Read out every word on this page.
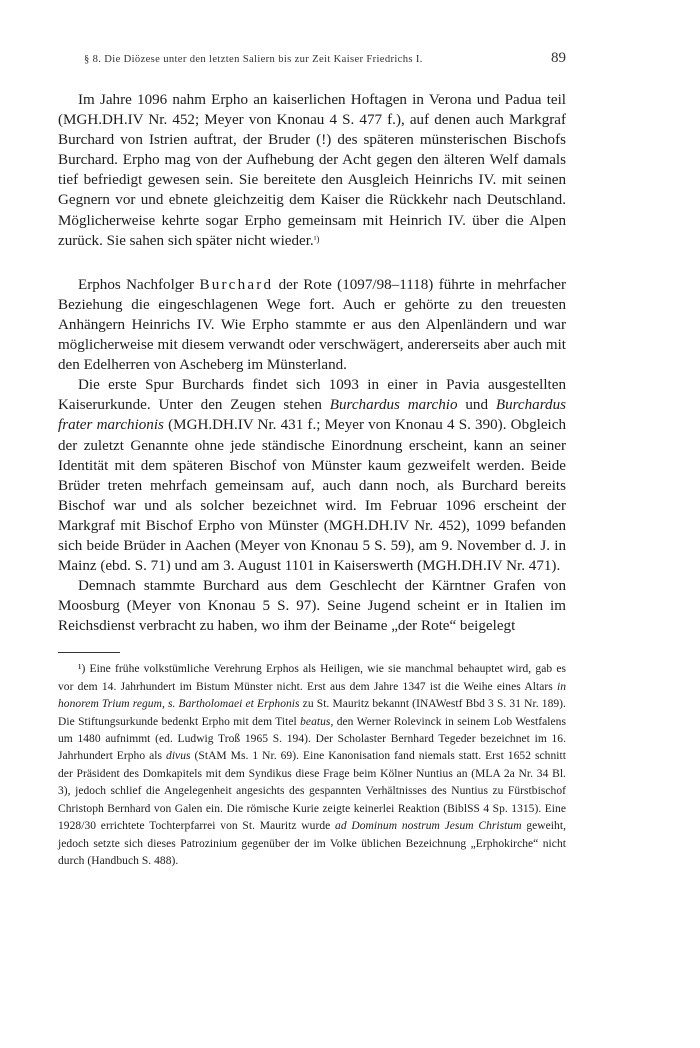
§ 8. Die Diözese unter den letzten Saliern bis zur Zeit Kaiser Friedrichs I.	89

Im Jahre 1096 nahm Erpho an kaiserlichen Hoftagen in Verona und Padua teil (MGH.DH.IV Nr. 452; Meyer von Knonau 4 S. 477 f.), auf denen auch Markgraf Burchard von Istrien auftrat, der Bruder (!) des späteren münsterischen Bischofs Burchard. Erpho mag von der Aufhebung der Acht gegen den älteren Welf damals tief befriedigt gewesen sein. Sie bereitete den Ausgleich Heinrichs IV. mit seinen Gegnern vor und ebnete gleichzeitig dem Kaiser die Rückkehr nach Deutschland. Möglicherweise kehrte sogar Erpho gemeinsam mit Heinrich IV. über die Alpen zurück. Sie sahen sich später nicht wieder.$^{^1)}$

Erphos Nachfolger Burchard der Rote (1097/98–1118) führte in mehrfacher Beziehung die eingeschlagenen Wege fort. Auch er gehörte zu den treuesten Anhängern Heinrichs IV. Wie Erpho stammte er aus den Alpenländern und war möglicherweise mit diesem verwandt oder verschwägert, andererseits aber auch mit den Edelherren von Ascheberg im Münsterland.

Die erste Spur Burchards findet sich 1093 in einer in Pavia ausgestellten Kaiserurkunde. Unter den Zeugen stehen Burchardus marchio und Burchardus frater marchionis (MGH.DH.IV Nr. 431 f.; Meyer von Knonau 4 S. 390). Obgleich der zuletzt Genannte ohne jede ständische Einordnung erscheint, kann an seiner Identität mit dem späteren Bischof von Münster kaum gezweifelt werden. Beide Brüder treten mehrfach gemeinsam auf, auch dann noch, als Burchard bereits Bischof war und als solcher bezeichnet wird. Im Februar 1096 erscheint der Markgraf mit Bischof Erpho von Münster (MGH.DH.IV Nr. 452), 1099 befanden sich beide Brüder in Aachen (Meyer von Knonau 5 S. 59), am 9. November d. J. in Mainz (ebd. S. 71) und am 3. August 1101 in Kaiserswerth (MGH.DH.IV Nr. 471).

Demnach stammte Burchard aus dem Geschlecht der Kärntner Grafen von Moosburg (Meyer von Knonau 5 S. 97). Seine Jugend scheint er in Italien im Reichsdienst verbracht zu haben, wo ihm der Beiname „der Rote“ beigelegt

¹) Eine frühe volkstümliche Verehrung Erphos als Heiligen, wie sie manchmal behauptet wird, gab es vor dem 14. Jahrhundert im Bistum Münster nicht. Erst aus dem Jahre 1347 ist die Weihe eines Altars in honorem Trium regum, s. Bartholomaei et Erphonis zu St. Mauritz bekannt (INAWestf Bbd 3 S. 31 Nr. 189). Die Stiftungsurkunde bedenkt Erpho mit dem Titel beatus, den Werner Rolevinck in seinem Lob Westfalens um 1480 aufnimmt (ed. Ludwig Troß 1965 S. 194). Der Scholaster Bernhard Tegeder bezeichnet im 16. Jahrhundert Erpho als divus (StAM Ms. 1 Nr. 69). Eine Kanonisation fand niemals statt. Erst 1652 schnitt der Präsident des Domkapitels mit dem Syndikus diese Frage beim Kölner Nuntius an (MLA 2a Nr. 34 Bl. 3), jedoch schlief die Angelegenheit angesichts des gespannten Verhältnisses des Nuntius zu Fürstbischof Christoph Bernhard von Galen ein. Die römische Kurie zeigte keinerlei Reaktion (BiblSS 4 Sp. 1315). Eine 1928/30 errichtete Tochterpfarrei von St. Mauritz wurde ad Dominum nostrum Jesum Christum geweiht, jedoch setzte sich dieses Patrozinium gegenüber der im Volke üblichen Bezeichnung „Erphokirche“ nicht durch (Handbuch S. 488).
